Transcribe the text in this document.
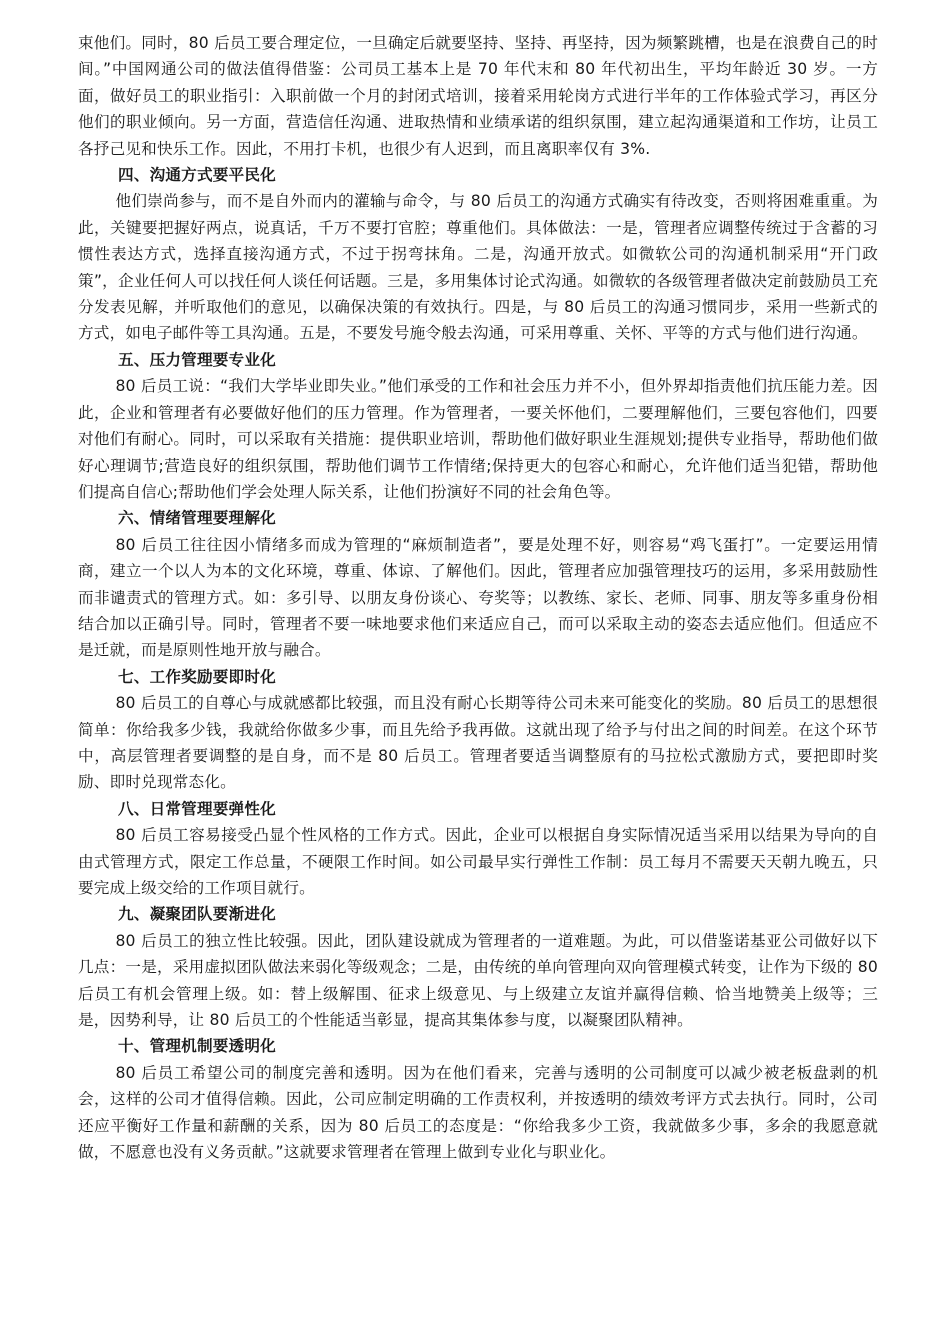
束他们。同时，80 后员工要合理定位，一旦确定后就要坚持、坚持、再坚持，因为频繁跳槽，也是在浪费自己的时间。”中国网通公司的做法值得借鉴：公司员工基本上是 70 年代末和 80 年代初出生，平均年龄近 30 岁。一方面，做好员工的职业指引：入职前做一个月的封闭式培训，接着采用轮岗方式进行半年的工作体验式学习，再区分他们的职业倾向。另一方面，营造信任沟通、进取热情和业绩承诺的组织氛围，建立起沟通渠道和工作坊，让员工各抒己见和快乐工作。因此，不用打卡机，也很少有人迟到，而且离职率仅有 3%.

四、沟通方式要平民化

他们崇尚参与，而不是自外而内的灌输与命令，与 80 后员工的沟通方式确实有待改变，否则将困难重重。为此，关键要把握好两点，说真话，千万不要打官腔；尊重他们。具体做法：一是，管理者应调整传统过于含蓄的习惯性表达方式，选择直接沟通方式，不过于拐弯抹角。二是，沟通开放式。如微软公司的沟通机制采用“开门政策”，企业任何人可以找任何人谈任何话题。三是，多用集体讨论式沟通。如微软的各级管理者做决定前鼓励员工充分发表见解，并听取他们的意见，以确保决策的有效执行。四是，与 80 后员工的沟通习惯同步，采用一些新式的方式，如电子邮件等工具沟通。五是，不要发号施令般去沟通，可采用尊重、关怀、平等的方式与他们进行沟通。

五、压力管理要专业化

80 后员工说：“我们大学毕业即失业。”他们承受的工作和社会压力并不小，但外界却指责他们抗压能力差。因此，企业和管理者有必要做好他们的压力管理。作为管理者，一要关怀他们，二要理解他们，三要包容他们，四要对他们有耐心。同时，可以采取有关措施：提供职业培训，帮助他们做好职业生涯规划;提供专业指导，帮助他们做好心理调节;营造良好的组织氛围，帮助他们调节工作情绪;保持更大的包容心和耐心，允许他们适当犯错，帮助他们提高自信心;帮助他们学会处理人际关系，让他们扮演好不同的社会角色等。

六、情绪管理要理解化

80 后员工往往因小情绪多而成为管理的“麻烦制造者”，要是处理不好，则容易“鸡飞蛋打”。一定要运用情商，建立一个以人为本的文化环境，尊重、体谅、了解他们。因此，管理者应加强管理技巧的运用，多采用鼓励性而非谴责式的管理方式。如：多引导、以朋友身份谈心、夸奖等；以教练、家长、老师、同事、朋友等多重身份相结合加以正确引导。同时，管理者不要一味地要求他们来适应自己，而可以采取主动的姿态去适应他们。但适应不是迁就，而是原则性地开放与融合。

七、工作奖励要即时化

80 后员工的自尊心与成就感都比较强，而且没有耐心长期等待公司未来可能变化的奖励。80 后员工的思想很简单：你给我多少钱，我就给你做多少事，而且先给予我再做。这就出现了给予与付出之间的时间差。在这个环节中，高层管理者要调整的是自身，而不是 80 后员工。管理者要适当调整原有的马拉松式激励方式，要把即时奖励、即时兑现常态化。

八、日常管理要弹性化

80 后员工容易接受凸显个性风格的工作方式。因此，企业可以根据自身实际情况适当采用以结果为导向的自由式管理方式，限定工作总量，不硬限工作时间。如公司最早实行弹性工作制：员工每月不需要天天朝九晚五，只要完成上级交给的工作项目就行。

九、凝聚团队要渐进化

80 后员工的独立性比较强。因此，团队建设就成为管理者的一道难题。为此，可以借鉴诺基亚公司做好以下几点：一是，采用虚拟团队做法来弱化等级观念；二是，由传统的单向管理向双向管理模式转变，让作为下级的 80 后员工有机会管理上级。如：替上级解围、征求上级意见、与上级建立友谊并赢得信赖、恰当地赞美上级等；三是，因势利导，让 80 后员工的个性能适当彰显，提高其集体参与度，以凝聚团队精神。

十、管理机制要透明化

80 后员工希望公司的制度完善和透明。因为在他们看来，完善与透明的公司制度可以减少被老板盘剥的机会，这样的公司才值得信赖。因此，公司应制定明确的工作责权利，并按透明的绩效考评方式去执行。同时，公司还应平衡好工作量和薪酬的关系，因为 80 后员工的态度是：“你给我多少工资，我就做多少事，多余的我愿意就做，不愿意也没有义务贡献。”这就要求管理者在管理上做到专业化与职业化。
